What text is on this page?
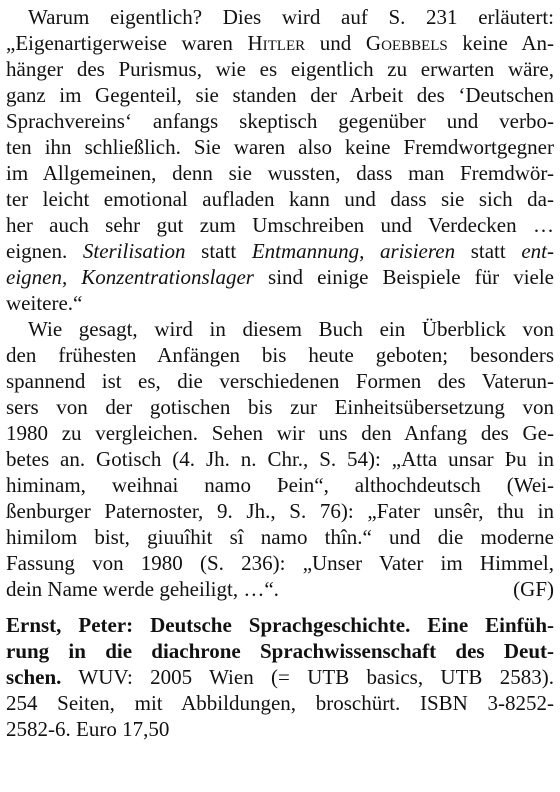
Warum eigentlich? Dies wird auf S. 231 erläutert:
„Eigenartigerweise waren Hitler und Goebbels keine An-
hänger des Purismus, wie es eigentlich zu erwarten wäre,
ganz im Gegenteil, sie standen der Arbeit des ‘Deutschen
Sprachvereins‘ anfangs skeptisch gegenüber und verbo-
ten ihn schließlich. Sie waren also keine Fremdwortgegner
im Allgemeinen, denn sie wussten, dass man Fremdwör-
ter leicht emotional aufladen kann und dass sie sich da-
her auch sehr gut zum Umschreiben und Verdecken …
eignen. Sterilisation statt Entmannung, arisieren statt ent-
eignen, Konzentrationslager sind einige Beispiele für viele
weitere.“
Wie gesagt, wird in diesem Buch ein Überblick von
den frühesten Anfängen bis heute geboten; besonders
spannend ist es, die verschiedenen Formen des Vaterun-
sers von der gotischen bis zur Einheitsübersetzung von
1980 zu vergleichen. Sehen wir uns den Anfang des Ge-
betes an. Gotisch (4. Jh. n. Chr., S. 54): „Atta unsar Þu in
himinam, weihnai namo Þein“, althochdeutsch (Wei-
ßenburger Paternoster, 9. Jh., S. 76): „Fater unsêr, thu in
himilom bist, giuuîhit sî namo thîn.“ und die moderne
Fassung von 1980 (S. 236): „Unser Vater im Himmel,
dein Name werde geheiligt, …“.	(GF)
Ernst, Peter: Deutsche Sprachgeschichte. Eine Einfüh-
rung in die diachrone Sprachwissenschaft des Deut-
schen. WUV: 2005 Wien (= UTB basics, UTB 2583).
254 Seiten, mit Abbildungen, broschürt. ISBN 3-8252-
2582-6. Euro 17,50
